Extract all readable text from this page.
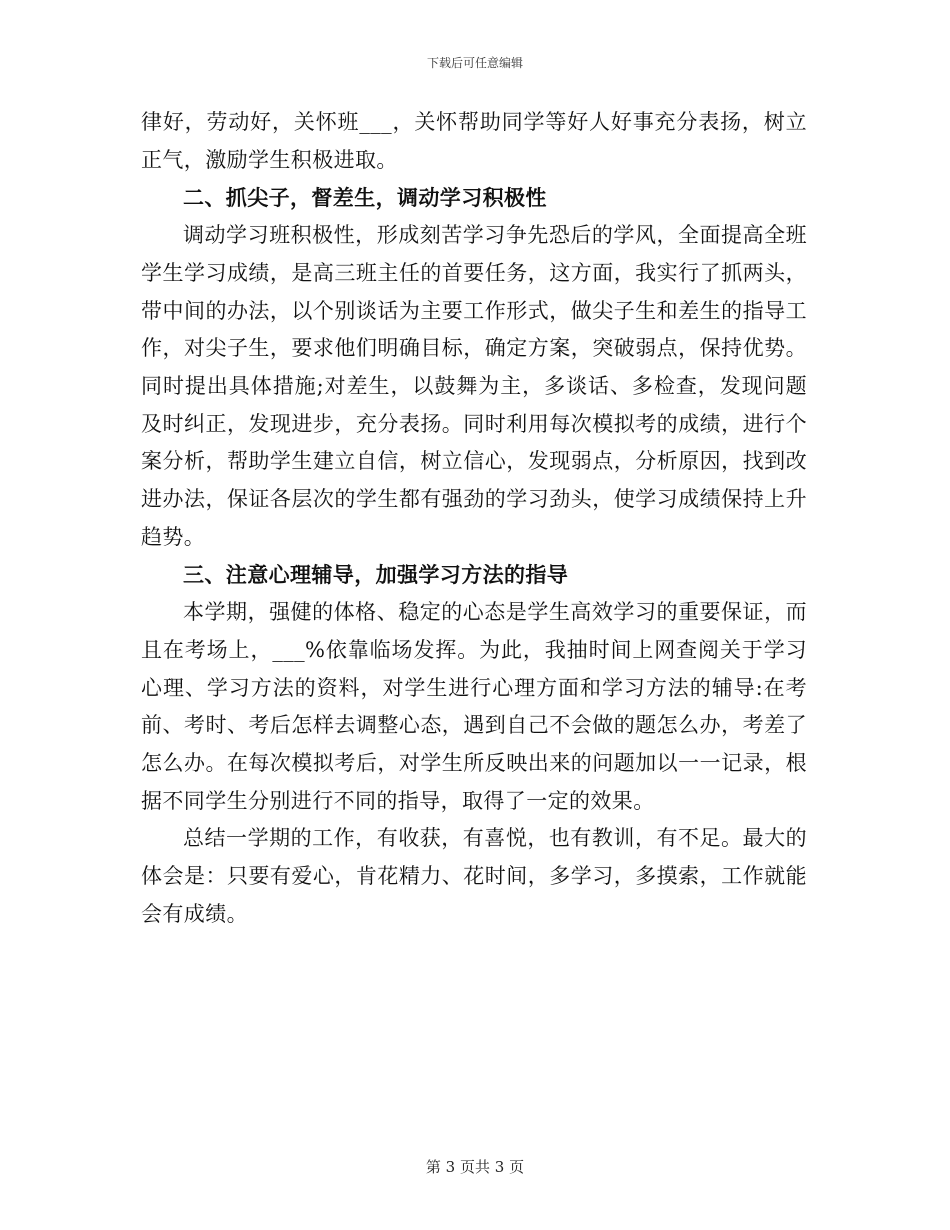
下载后可任意编辑

律好，劳动好，关怀班___，关怀帮助同学等好人好事充分表扬，树立正气，激励学生积极进取。

二、抓尖子，督差生，调动学习积极性

调动学习班积极性，形成刻苦学习争先恐后的学风，全面提高全班学生学习成绩，是高三班主任的首要任务，这方面，我实行了抓两头，带中间的办法，以个别谈话为主要工作形式，做尖子生和差生的指导工作，对尖子生，要求他们明确目标，确定方案，突破弱点，保持优势。同时提出具体措施;对差生，以鼓舞为主，多谈话、多检查，发现问题及时纠正，发现进步，充分表扬。同时利用每次模拟考的成绩，进行个案分析，帮助学生建立自信，树立信心，发现弱点，分析原因，找到改进办法，保证各层次的学生都有强劲的学习劲头，使学习成绩保持上升趋势。

三、注意心理辅导，加强学习方法的指导

本学期，强健的体格、稳定的心态是学生高效学习的重要保证，而且在考场上，___%依靠临场发挥。为此，我抽时间上网查阅关于学习心理、学习方法的资料，对学生进行心理方面和学习方法的辅导:在考前、考时、考后怎样去调整心态，遇到自己不会做的题怎么办，考差了怎么办。在每次模拟考后，对学生所反映出来的问题加以一一记录，根据不同学生分别进行不同的指导，取得了一定的效果。

总结一学期的工作，有收获，有喜悦，也有教训，有不足。最大的体会是：只要有爱心，肯花精力、花时间，多学习，多摸索，工作就能会有成绩。

第 3 页共 3 页
